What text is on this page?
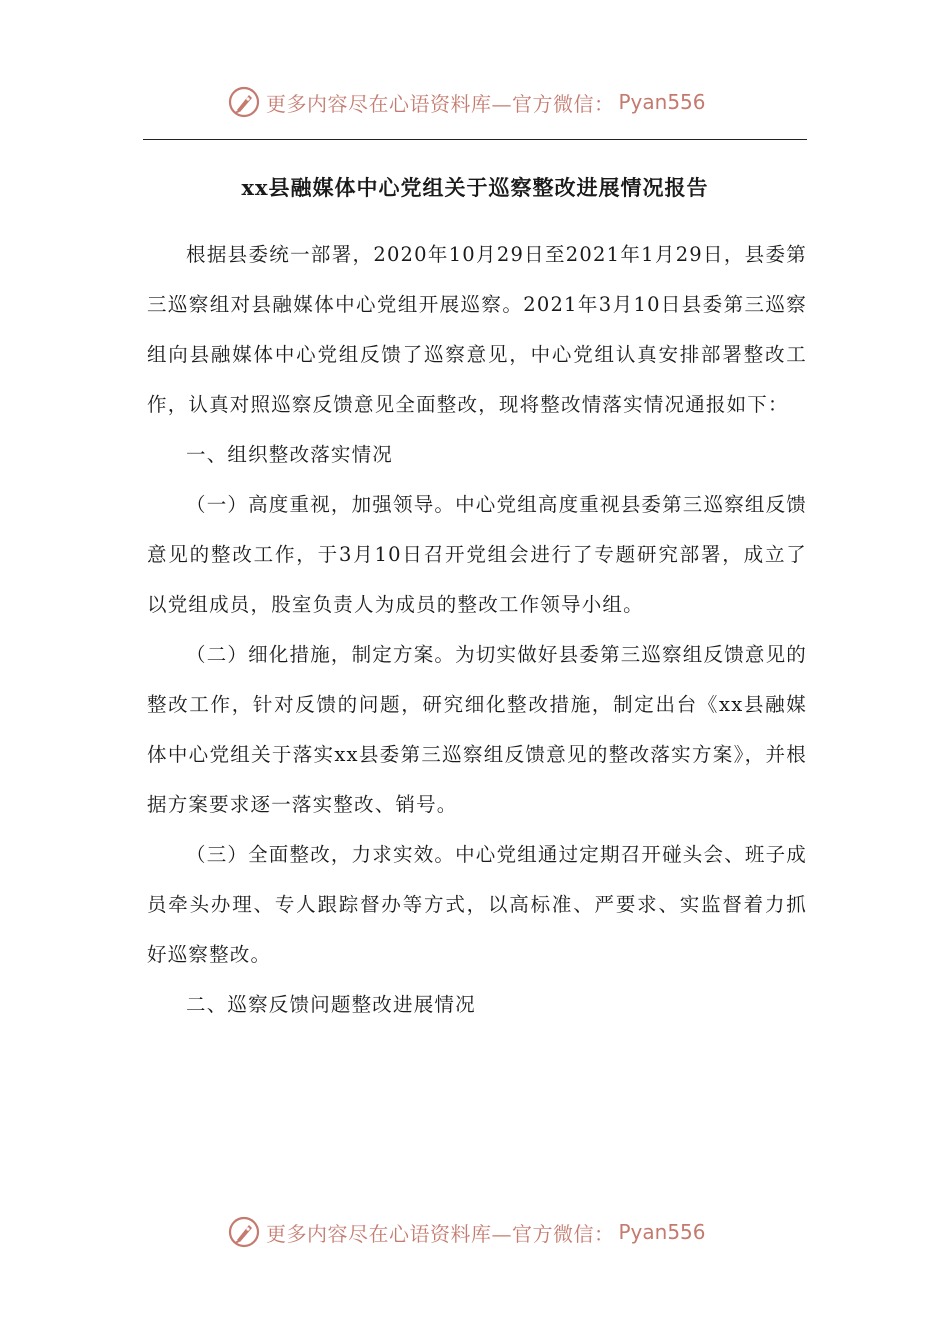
更多内容尽在心语资料库—官方微信： Pyan556
xx县融媒体中心党组关于巡察整改进展情况报告

根据县委统一部署，2020年10月29日至2021年1月29日，县委第三巡察组对县融媒体中心党组开展巡察。2021年3月10日县委第三巡察组向县融媒体中心党组反馈了巡察意见，中心党组认真安排部署整改工作，认真对照巡察反馈意见全面整改，现将整改情落实情况通报如下：

一、组织整改落实情况

（一）高度重视，加强领导。中心党组高度重视县委第三巡察组反馈意见的整改工作，于3月10日召开党组会进行了专题研究部署，成立了以党组成员，股室负责人为成员的整改工作领导小组。

（二）细化措施，制定方案。为切实做好县委第三巡察组反馈意见的整改工作，针对反馈的问题，研究细化整改措施，制定出台《xx县融媒体中心党组关于落实xx县委第三巡察组反馈意见的整改落实方案》，并根据方案要求逐一落实整改、销号。

（三）全面整改，力求实效。中心党组通过定期召开碰头会、班子成员牵头办理、专人跟踪督办等方式，以高标准、严要求、实监督着力抓好巡察整改。

二、巡察反馈问题整改进展情况

更多内容尽在心语资料库—官方微信： Pyan556
